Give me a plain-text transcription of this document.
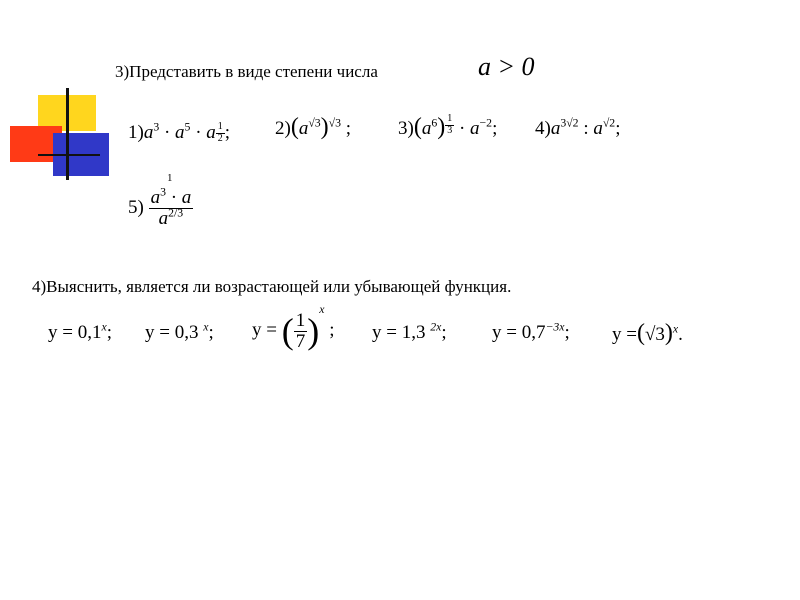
3)Представить в виде степени числа	a > 0
$1)a^3 \cdot a^5 \cdot a \frac{1}{2}$ ; $2)(a^{√3})^{√3}$ ; $3)(a^6) \frac{1}{3} \cdot a^{-2}$; $4)a^{3√2}$ : $a^{√2}$;
1
$5) \frac{a^3 \cdot a}{a^{2/3}}$
4)Выяснить, является ли возрастающей или убывающей функция.
$y = 0,1^x$; y = 0,3 $^x$; y = ( $\frac{1}{7} )^x$ ; y = 1,3 $^{2x}$; $y = 0,7^{-3x}$; $y =(√3)^x$.
